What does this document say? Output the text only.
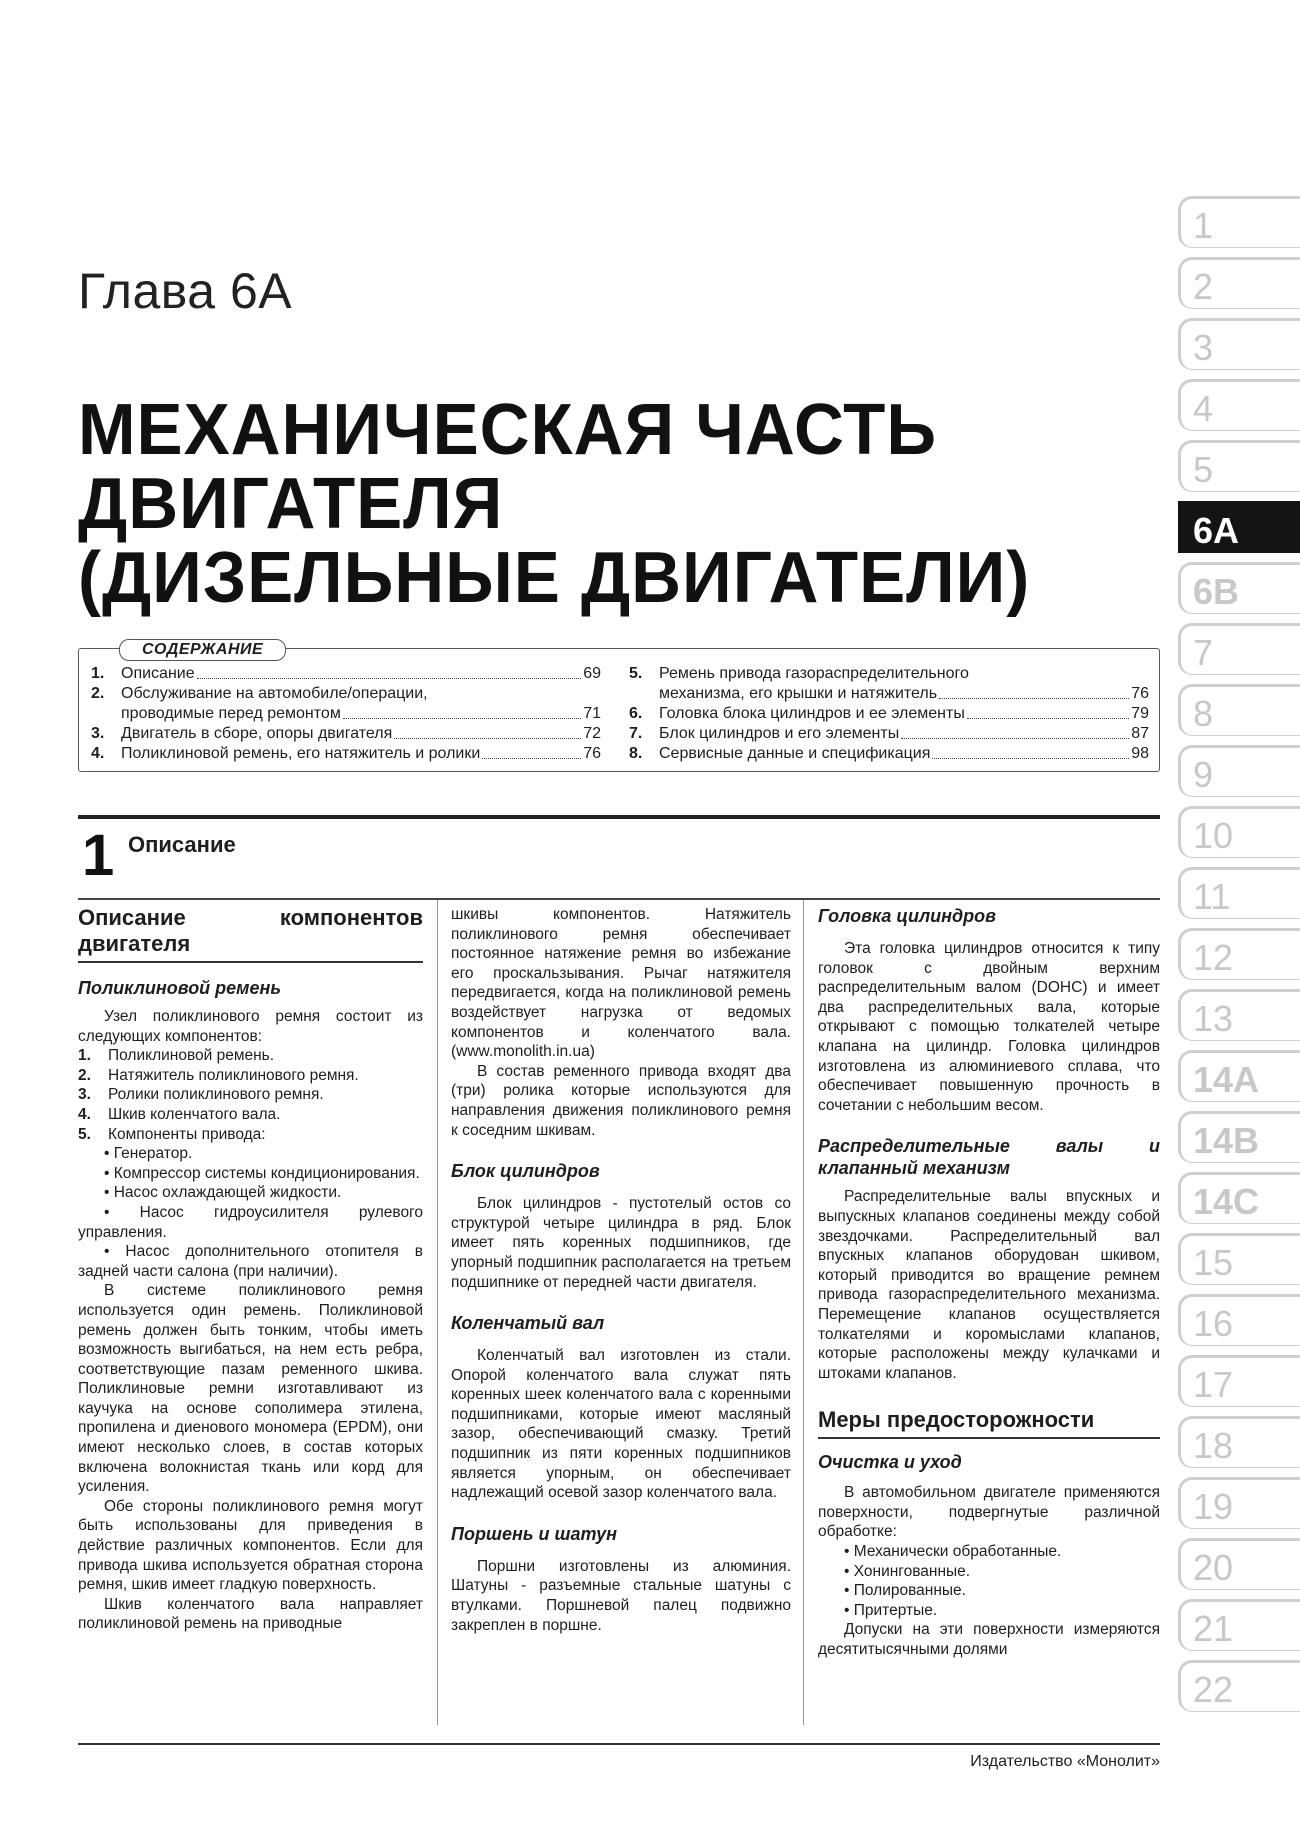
Глава 6А
МЕХАНИЧЕСКАЯ ЧАСТЬ
ДВИГАТЕЛЯ
(ДИЗЕЛЬНЫЕ ДВИГАТЕЛИ)
СОДЕРЖАНИЕ
1.	Описание	69
2.	Обслуживание на автомобиле/операции,
проводимые перед ремонтом	71
3.	Двигатель в сборе, опоры двигателя	72
4.	Поликлиновой ремень, его натяжитель и ролики	76
5.	Ремень привода газораспределительного
механизма, его крышки и натяжитель	76
6.	Головка блока цилиндров и ее элементы	79
7.	Блок цилиндров и его элементы	87
8.	Сервисные данные и спецификация	98
1 Описание
Описание компонентов двигателя
Поликлиновой ремень

Узел поликлинового ремня состоит из следующих компонентов:

1.	Поликлиновой ремень.
2.	Натяжитель поликлинового ремня.
3.	Ролики поликлинового ремня.
4.	Шкив коленчатого вала.
5.	Компоненты привода:

• Генератор.

• Компрессор системы кондиционирования.

• Насос охлаждающей жидкости.

• Насос гидроусилителя рулевого управления.

• Насос дополнительного отопителя в задней части салона (при наличии).

В системе поликлинового ремня используется один ремень. Поликлиновой ремень должен быть тонким, чтобы иметь возможность выгибаться, на нем есть ребра, соответствующие пазам ременного шкива. Поликлиновые ремни изготавливают из каучука на основе сополимера этилена, пропилена и диенового мономера (EPDM), они имеют несколько слоев, в состав которых включена волокнистая ткань или корд для усиления.

Обе стороны поликлинового ремня могут быть использованы для приведения в действие различных компонентов. Если для привода шкива используется обратная сторона ремня, шкив имеет гладкую поверхность.

Шкив коленчатого вала направляет поликлиновой ремень на приводные

шкивы компонентов. Натяжитель поликлинового ремня обеспечивает постоянное натяжение ремня во избежание его проскальзывания. Рычаг натяжителя передвигается, когда на поликлиновой ремень воздействует нагрузка от ведомых компонентов и коленчатого вала. (www.monolith.in.ua)

В состав ременного привода входят два (три) ролика которые используются для направления движения поликлинового ремня к соседним шкивам.

Блок цилиндров

Блок цилиндров - пустотелый остов со структурой четыре цилиндра в ряд. Блок имеет пять коренных подшипников, где упорный подшипник располагается на третьем подшипнике от передней части двигателя.

Коленчатый вал

Коленчатый вал изготовлен из стали. Опорой коленчатого вала служат пять коренных шеек коленчатого вала с коренными подшипниками, которые имеют масляный зазор, обеспечивающий смазку. Третий подшипник из пяти коренных подшипников является упорным, он обеспечивает надлежащий осевой зазор коленчатого вала.

Поршень и шатун

Поршни изготовлены из алюминия. Шатуны - разъемные стальные шатуны с втулками. Поршневой палец подвижно закреплен в поршне.

Головка цилиндров

Эта головка цилиндров относится к типу головок с двойным верхним распределительным валом (DOHC) и имеет два распределительных вала, которые открывают с помощью толкателей четыре клапана на цилиндр. Головка цилиндров изготовлена из алюминиевого сплава, что обеспечивает повышенную прочность в сочетании с небольшим весом.

Распределительные валы и клапанный механизм

Распределительные валы впускных и выпускных клапанов соединены между собой звездочками. Распределительный вал впускных клапанов оборудован шкивом, который приводится во вращение ремнем привода газораспределительного механизма. Перемещение клапанов осуществляется толкателями и коромыслами клапанов, которые расположены между кулачками и штоками клапанов.

Меры предосторожности
Очистка и уход

В автомобильном двигателе применяются поверхности, подвергнутые различной обработке:

• Механически обработанные.

• Хонингованные.

• Полированные.

• Притертые.

Допуски на эти поверхности измеряются десятитысячными долями

Издательство «Монолит»
1
2
3
4
5
6A
6B
7
8
9
10
11
12
13
14A
14B
14C
15
16
17
18
19
20
21
22
